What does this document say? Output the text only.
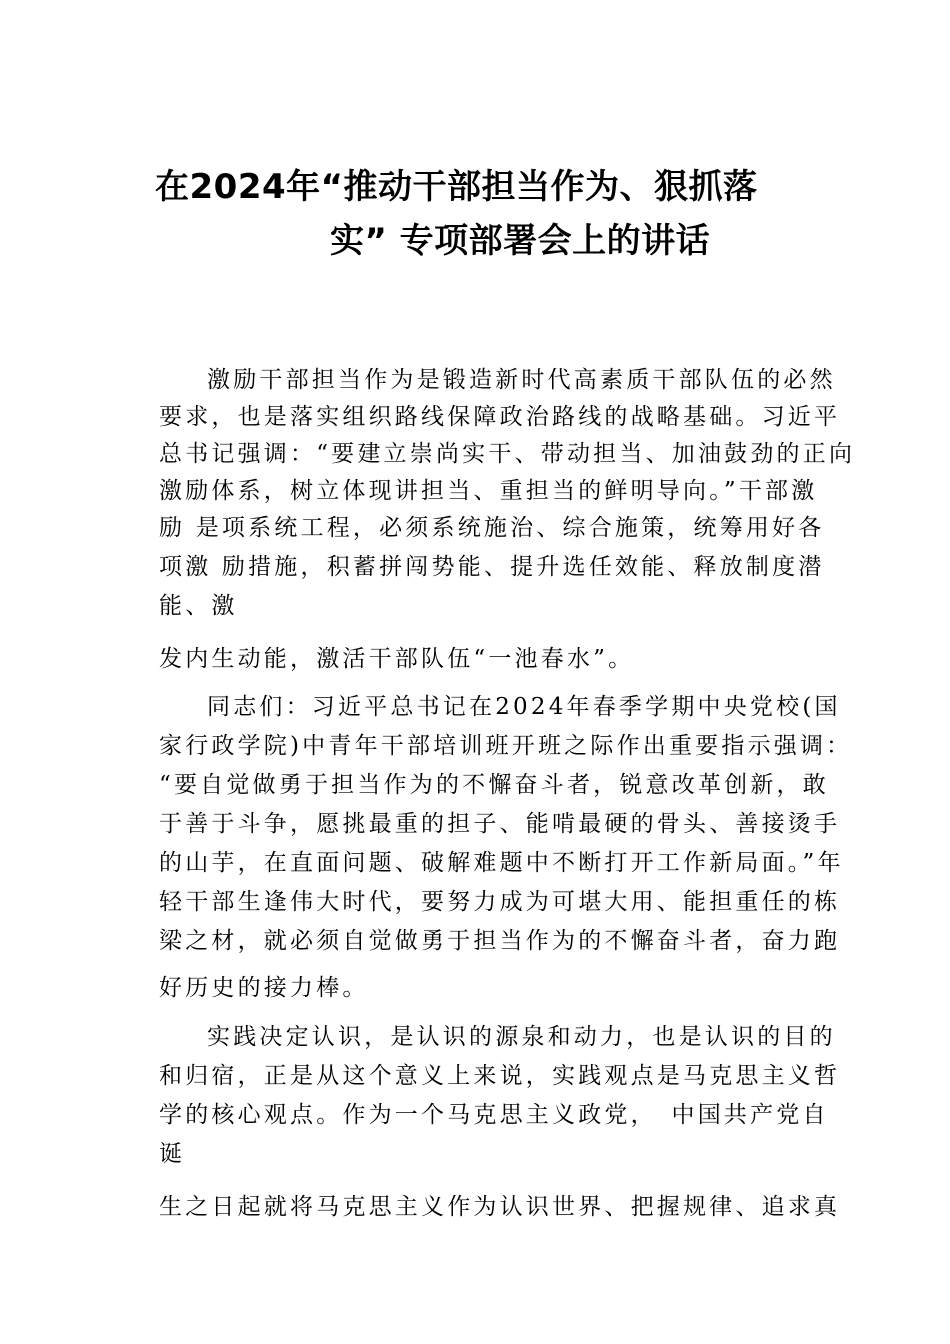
在2024年“推动干部担当作为、狠抓落
实” 专项部署会上的讲话
激励干部担当作为是锻造新时代高素质干部队伍的必然
要求，也是落实组织路线保障政治路线的战略基础。习近平
总书记强调：“要建立崇尚实干、带动担当、加油鼓劲的正向
激励体系，树立体现讲担当、重担当的鲜明导向。”干部激
励 是项系统工程，必须系统施治、综合施策，统筹用好各
项激 励措施，积蓄拼闯势能、提升选任效能、释放制度潜
能、激
发内生动能，激活干部队伍“一池春水”。
同志们：习近平总书记在2024年春季学期中央党校(国
家行政学院)中青年干部培训班开班之际作出重要指示强调：
“要自觉做勇于担当作为的不懈奋斗者，锐意改革创新，敢
于善于斗争，愿挑最重的担子、能啃最硬的骨头、善接烫手
的山芋，在直面问题、破解难题中不断打开工作新局面。”年
轻干部生逢伟大时代，要努力成为可堪大用、能担重任的栋
梁之材，就必须自觉做勇于担当作为的不懈奋斗者，奋力跑
好历史的接力棒。
实践决定认识，是认识的源泉和动力，也是认识的目的
和归宿，正是从这个意义上来说，实践观点是马克思主义哲
学的核心观点。作为一个马克思主义政党，　中国共产党自
诞
生之日起就将马克思主义作为认识世界、把握规律、追求真
